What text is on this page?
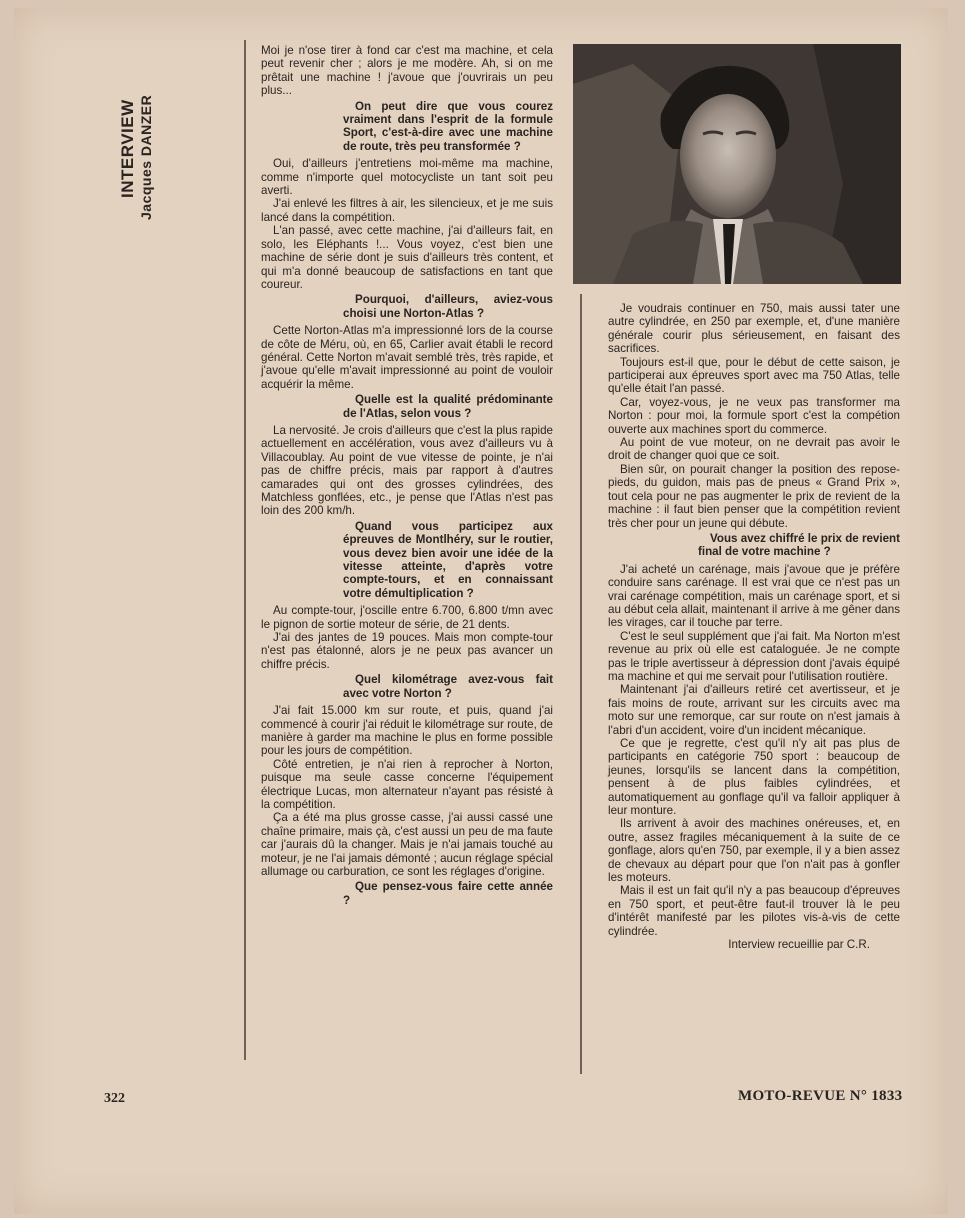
INTERVIEW Jacques DANZER

Moi je n'ose tirer à fond car c'est ma machine, et cela peut revenir cher ; alors je me modère. Ah, si on me prêtait une machine ! j'avoue que j'ouvrirais un peu plus...

On peut dire que vous courez vraiment dans l'esprit de la formule Sport, c'est-à-dire avec une machine de route, très peu transformée ?

Oui, d'ailleurs j'entretiens moi-même ma machine, comme n'importe quel motocycliste un tant soit peu averti.

J'ai enlevé les filtres à air, les silencieux, et je me suis lancé dans la compétition.

L'an passé, avec cette machine, j'ai d'ailleurs fait, en solo, les Eléphants !... Vous voyez, c'est bien une machine de série dont je suis d'ailleurs très content, et qui m'a donné beaucoup de satisfactions en tant que coureur.

Pourquoi, d'ailleurs, aviez-vous choisi une Norton-Atlas ?

Cette Norton-Atlas m'a impressionné lors de la course de côte de Méru, où, en 65, Carlier avait établi le record général. Cette Norton m'avait semblé très, très rapide, et j'avoue qu'elle m'avait impressionné au point de vouloir acquérir la même.

Quelle est la qualité prédominante de l'Atlas, selon vous ?

La nervosité. Je crois d'ailleurs que c'est la plus rapide actuellement en accélération, vous avez d'ailleurs vu à Villacoublay. Au point de vue vitesse de pointe, je n'ai pas de chiffre précis, mais par rapport à d'autres camarades qui ont des grosses cylindrées, des Matchless gonflées, etc., je pense que l'Atlas n'est pas loin des 200 km/h.

Quand vous participez aux épreuves de Montlhéry, sur le routier, vous devez bien avoir une idée de la vitesse atteinte, d'après votre compte-tours, et en connaissant votre démultiplication ?

Au compte-tour, j'oscille entre 6.700, 6.800 t/mn avec le pignon de sortie moteur de série, de 21 dents.

J'ai des jantes de 19 pouces. Mais mon compte-tour n'est pas étalonné, alors je ne peux pas avancer un chiffre précis.

Quel kilométrage avez-vous fait avec votre Norton ?

J'ai fait 15.000 km sur route, et puis, quand j'ai commencé à courir j'ai réduit le kilométrage sur route, de manière à garder ma machine le plus en forme possible pour les jours de compétition.

Côté entretien, je n'ai rien à reprocher à Norton, puisque ma seule casse concerne l'équipement électrique Lucas, mon alternateur n'ayant pas résisté à la compétition.

Ça a été ma plus grosse casse, j'ai aussi cassé une chaîne primaire, mais çà, c'est aussi un peu de ma faute car j'aurais dû la changer. Mais je n'ai jamais touché au moteur, je ne l'ai jamais démonté ; aucun réglage spécial allumage ou carburation, ce sont les réglages d'origine.

Que pensez-vous faire cette année ?

Je voudrais continuer en 750, mais aussi tater une autre cylindrée, en 250 par exemple, et, d'une manière générale courir plus sérieusement, en faisant des sacrifices.

Toujours est-il que, pour le début de cette saison, je participerai aux épreuves sport avec ma 750 Atlas, telle qu'elle était l'an passé.

Car, voyez-vous, je ne veux pas transformer ma Norton : pour moi, la formule sport c'est la compétion ouverte aux machines sport du commerce.

Au point de vue moteur, on ne devrait pas avoir le droit de changer quoi que ce soit.

Bien sûr, on pourait changer la position des repose-pieds, du guidon, mais pas de pneus « Grand Prix », tout cela pour ne pas augmenter le prix de revient de la machine : il faut bien penser que la compétition revient très cher pour un jeune qui débute.

Vous avez chiffré le prix de revient final de votre machine ?

J'ai acheté un carénage, mais j'avoue que je préfère conduire sans carénage. Il est vrai que ce n'est pas un vrai carénage compétition, mais un carénage sport, et si au début cela allait, maintenant il arrive à me gêner dans les virages, car il touche par terre.

C'est le seul supplément que j'ai fait. Ma Norton m'est revenue au prix où elle est cataloguée. Je ne compte pas le triple avertisseur à dépression dont j'avais équipé ma machine et qui me servait pour l'utilisation routière.

Maintenant j'ai d'ailleurs retiré cet avertisseur, et je fais moins de route, arrivant sur les circuits avec ma moto sur une remorque, car sur route on n'est jamais à l'abri d'un accident, voire d'un incident mécanique.

Ce que je regrette, c'est qu'il n'y ait pas plus de participants en catégorie 750 sport : beaucoup de jeunes, lorsqu'ils se lancent dans la compétition, pensent à de plus faibles cylindrées, et automatiquement au gonflage qu'il va falloir appliquer à leur monture.

Ils arrivent à avoir des machines onéreuses, et, en outre, assez fragiles mécaniquement à la suite de ce gonflage, alors qu'en 750, par exemple, il y a bien assez de chevaux au départ pour que l'on n'ait pas à gonfler les moteurs.

Mais il est un fait qu'il n'y a pas beaucoup d'épreuves en 750 sport, et peut-être faut-il trouver là le peu d'intérêt manifesté par les pilotes vis-à-vis de cette cylindrée.

Interview recueillie par C.R.

322	MOTO-REVUE N° 1833
